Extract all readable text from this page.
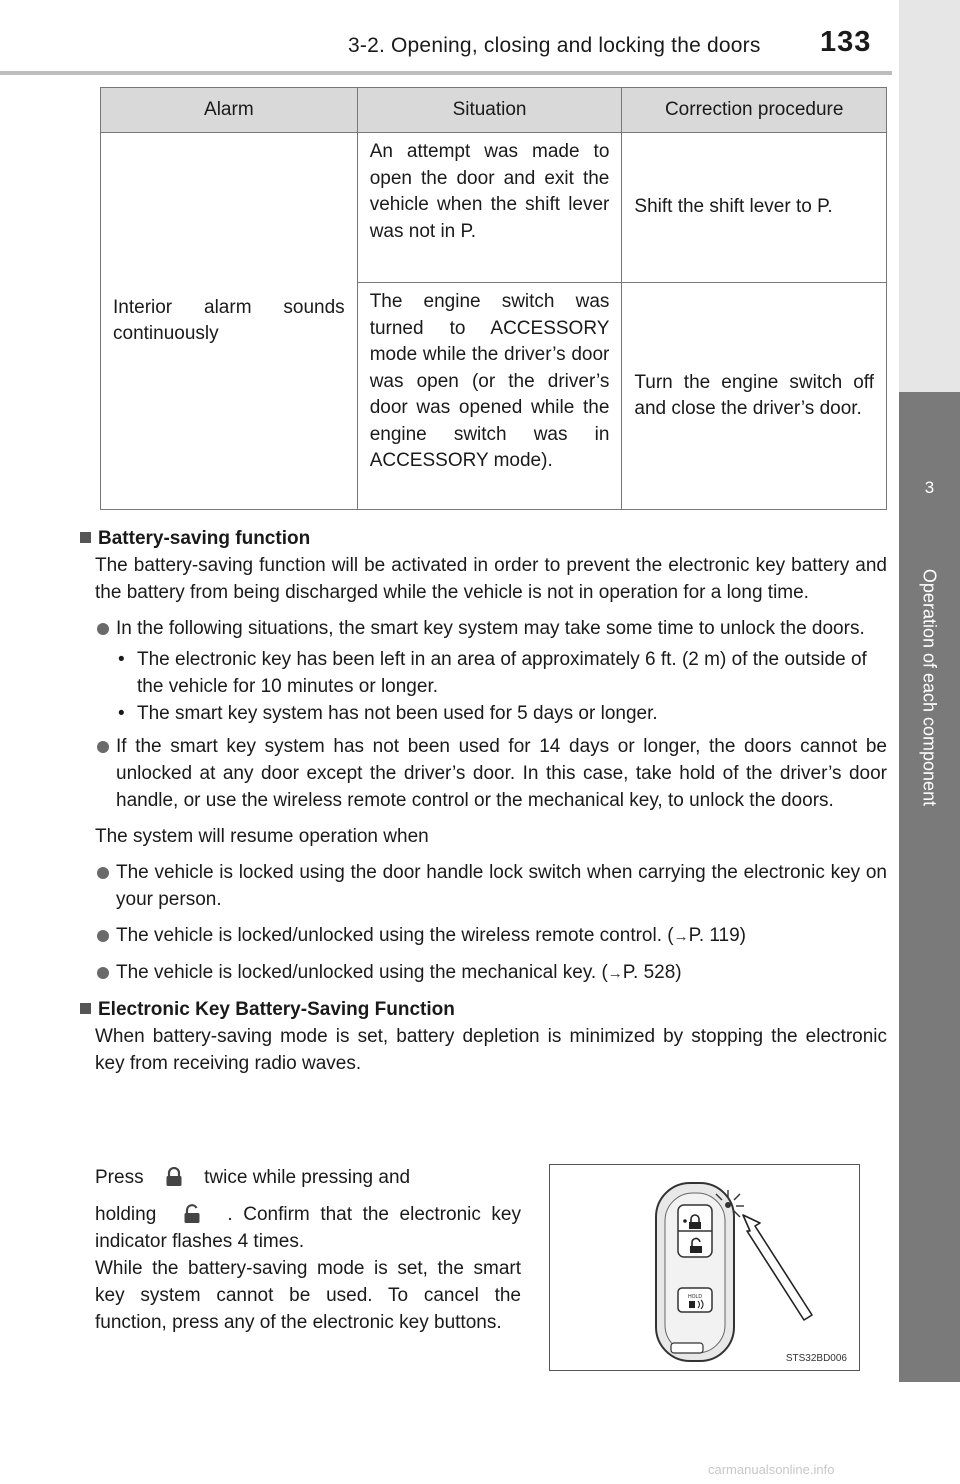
3-2. Opening, closing and locking the doors 133
3
Operation of each component
Alarm	Situation	Correction procedure
Interior alarm sounds continuously	An attempt was made to open the door and exit the vehicle when the shift lever was not in P.	Shift the shift lever to P.
	The engine switch was turned to ACCESSORY mode while the driver’s door was open (or the driver’s door was opened while the engine switch was in ACCESSORY mode).	Turn the engine switch off and close the driver’s door.
Battery-saving function
The battery-saving function will be activated in order to prevent the electronic key battery and the battery from being discharged while the vehicle is not in operation for a long time.
In the following situations, the smart key system may take some time to unlock the doors.
• The electronic key has been left in an area of approximately 6 ft. (2 m) of the outside of the vehicle for 10 minutes or longer.
• The smart key system has not been used for 5 days or longer.
If the smart key system has not been used for 14 days or longer, the doors cannot be unlocked at any door except the driver’s door. In this case, take hold of the driver’s door handle, or use the wireless remote control or the mechanical key, to unlock the doors.
The system will resume operation when
The vehicle is locked using the door handle lock switch when carrying the electronic key on your person.
The vehicle is locked/unlocked using the wireless remote control. (→P. 119)
The vehicle is locked/unlocked using the mechanical key. (→P. 528)
Electronic Key Battery-Saving Function
When battery-saving mode is set, battery depletion is minimized by stopping the electronic key from receiving radio waves.
Press	twice while pressing and
holding	. Confirm that the electronic key indicator flashes 4 times.
While the battery-saving mode is set, the smart key system cannot be used. To cancel the function, press any of the electronic key buttons.
HOLD
STS32BD006
carmanualsonline.info
